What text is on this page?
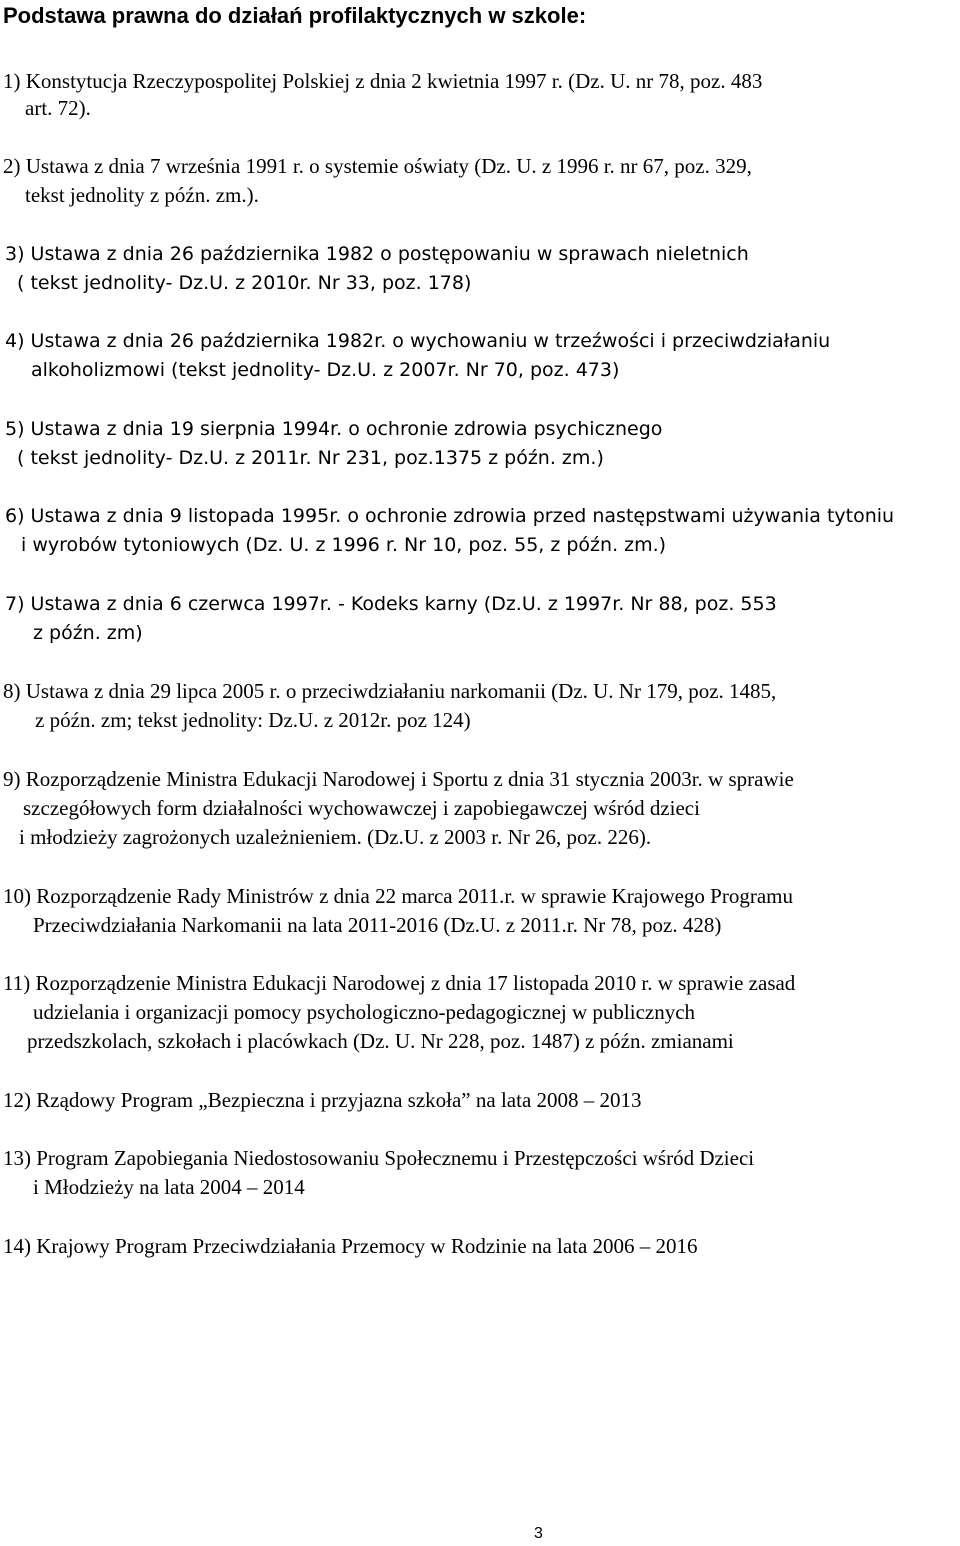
Podstawa prawna do działań profilaktycznych w szkole:
1) Konstytucja Rzeczypospolitej Polskiej z dnia 2 kwietnia 1997 r. (Dz. U. nr 78, poz. 483
art. 72).
2) Ustawa z dnia 7 września 1991 r. o systemie oświaty (Dz. U. z 1996 r. nr 67, poz. 329,
tekst jednolity z późn. zm.).
3) Ustawa z dnia 26 października 1982 o postępowaniu w sprawach nieletnich
( tekst jednolity- Dz.U. z 2010r. Nr 33, poz. 178)
4) Ustawa z dnia 26 października 1982r. o wychowaniu w trzeźwości i przeciwdziałaniu
alkoholizmowi (tekst jednolity- Dz.U. z 2007r. Nr 70, poz. 473)
5) Ustawa z dnia 19 sierpnia 1994r. o ochronie zdrowia psychicznego
( tekst jednolity- Dz.U. z 2011r. Nr 231, poz.1375 z późn. zm.)
6) Ustawa z dnia 9 listopada 1995r. o ochronie zdrowia przed następstwami używania tytoniu
i wyrobów tytoniowych (Dz. U. z 1996 r. Nr 10, poz. 55, z późn. zm.)
7) Ustawa z dnia 6 czerwca 1997r. - Kodeks karny (Dz.U. z 1997r. Nr 88, poz. 553
z późn. zm)
8) Ustawa z dnia 29 lipca 2005 r. o przeciwdziałaniu narkomanii (Dz. U. Nr 179, poz. 1485,
z późn. zm; tekst jednolity: Dz.U. z 2012r. poz 124)
9) Rozporządzenie Ministra Edukacji Narodowej i Sportu z dnia 31 stycznia 2003r. w sprawie
szczegółowych form działalności wychowawczej i zapobiegawczej wśród dzieci
i młodzieży zagrożonych uzależnieniem. (Dz.U. z 2003 r. Nr 26, poz. 226).
10) Rozporządzenie Rady Ministrów z dnia 22 marca 2011.r. w sprawie Krajowego Programu
Przeciwdziałania Narkomanii na lata 2011-2016 (Dz.U. z 2011.r. Nr 78, poz. 428)
11) Rozporządzenie Ministra Edukacji Narodowej z dnia 17 listopada 2010 r. w sprawie zasad
udzielania i organizacji pomocy psychologiczno-pedagogicznej w publicznych
przedszkolach, szkołach i placówkach (Dz. U. Nr 228, poz. 1487) z późn. zmianami
12) Rządowy Program „Bezpieczna i przyjazna szkoła” na lata 2008 – 2013
13) Program Zapobiegania Niedostosowaniu Społecznemu i Przestępczości wśród Dzieci
i Młodzieży na lata 2004 – 2014
14) Krajowy Program Przeciwdziałania Przemocy w Rodzinie na lata 2006 – 2016
3
